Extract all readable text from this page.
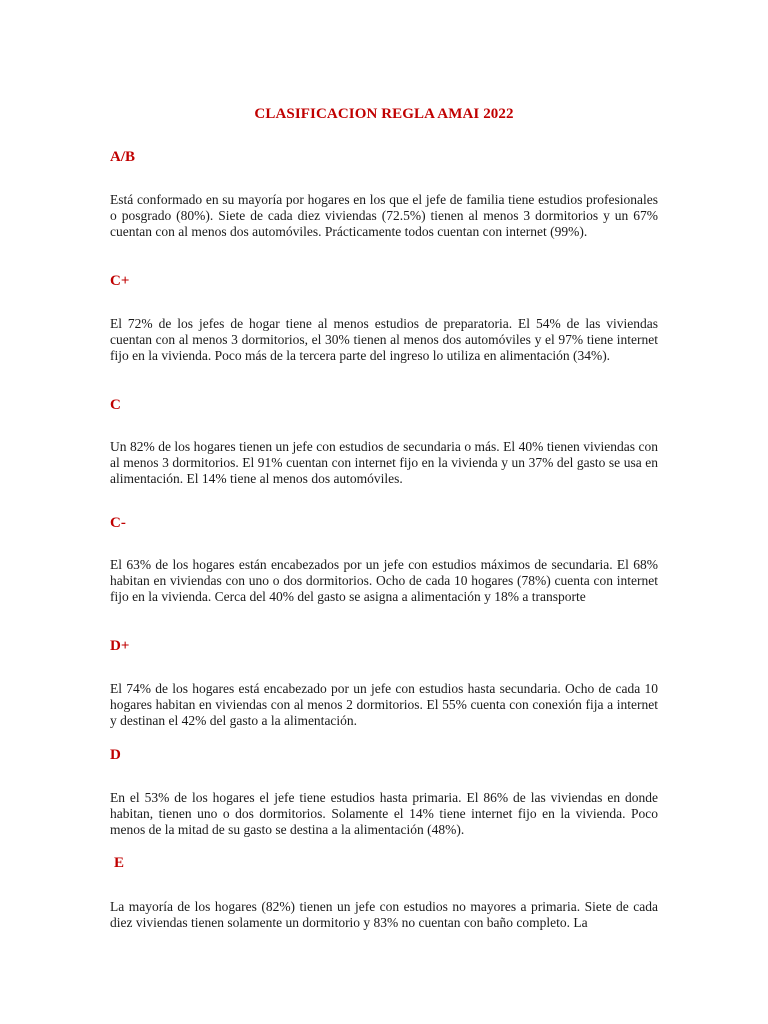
CLASIFICACION REGLA AMAI 2022
A/B
Está conformado en su mayoría por hogares en los que el jefe de familia tiene estudios profesionales o posgrado (80%). Siete de cada diez viviendas (72.5%) tienen al menos 3 dormitorios y un 67% cuentan con al menos dos automóviles. Prácticamente todos cuentan con internet (99%).
C+
El 72% de los jefes de hogar tiene al menos estudios de preparatoria. El 54% de las viviendas cuentan con al menos 3 dormitorios, el 30% tienen al menos dos automóviles y el 97% tiene internet fijo en la vivienda. Poco más de la tercera parte del ingreso lo utiliza en alimentación (34%).
C
Un 82% de los hogares tienen un jefe con estudios de secundaria o más. El 40% tienen viviendas con al menos 3 dormitorios. El 91% cuentan con internet fijo en la vivienda y un 37% del gasto se usa en alimentación. El 14% tiene al menos dos automóviles.
C-
El 63% de los hogares están encabezados por un jefe con estudios máximos de secundaria. El 68% habitan en viviendas con uno o dos dormitorios. Ocho de cada 10 hogares (78%) cuenta con internet fijo en la vivienda. Cerca del 40% del gasto se asigna a alimentación y 18% a transporte
D+
El 74% de los hogares está encabezado por un jefe con estudios hasta secundaria. Ocho de cada 10 hogares habitan en viviendas con al menos 2 dormitorios. El 55% cuenta con conexión fija a internet y destinan el 42% del gasto a la alimentación.
D
En el 53% de los hogares el jefe tiene estudios hasta primaria. El 86% de las viviendas en donde habitan, tienen uno o dos dormitorios. Solamente el 14% tiene internet fijo en la vivienda. Poco menos de la mitad de su gasto se destina a la alimentación (48%).
E
La mayoría de los hogares (82%) tienen un jefe con estudios no mayores a primaria. Siete de cada diez viviendas tienen solamente un dormitorio y 83% no cuentan con baño completo. La
